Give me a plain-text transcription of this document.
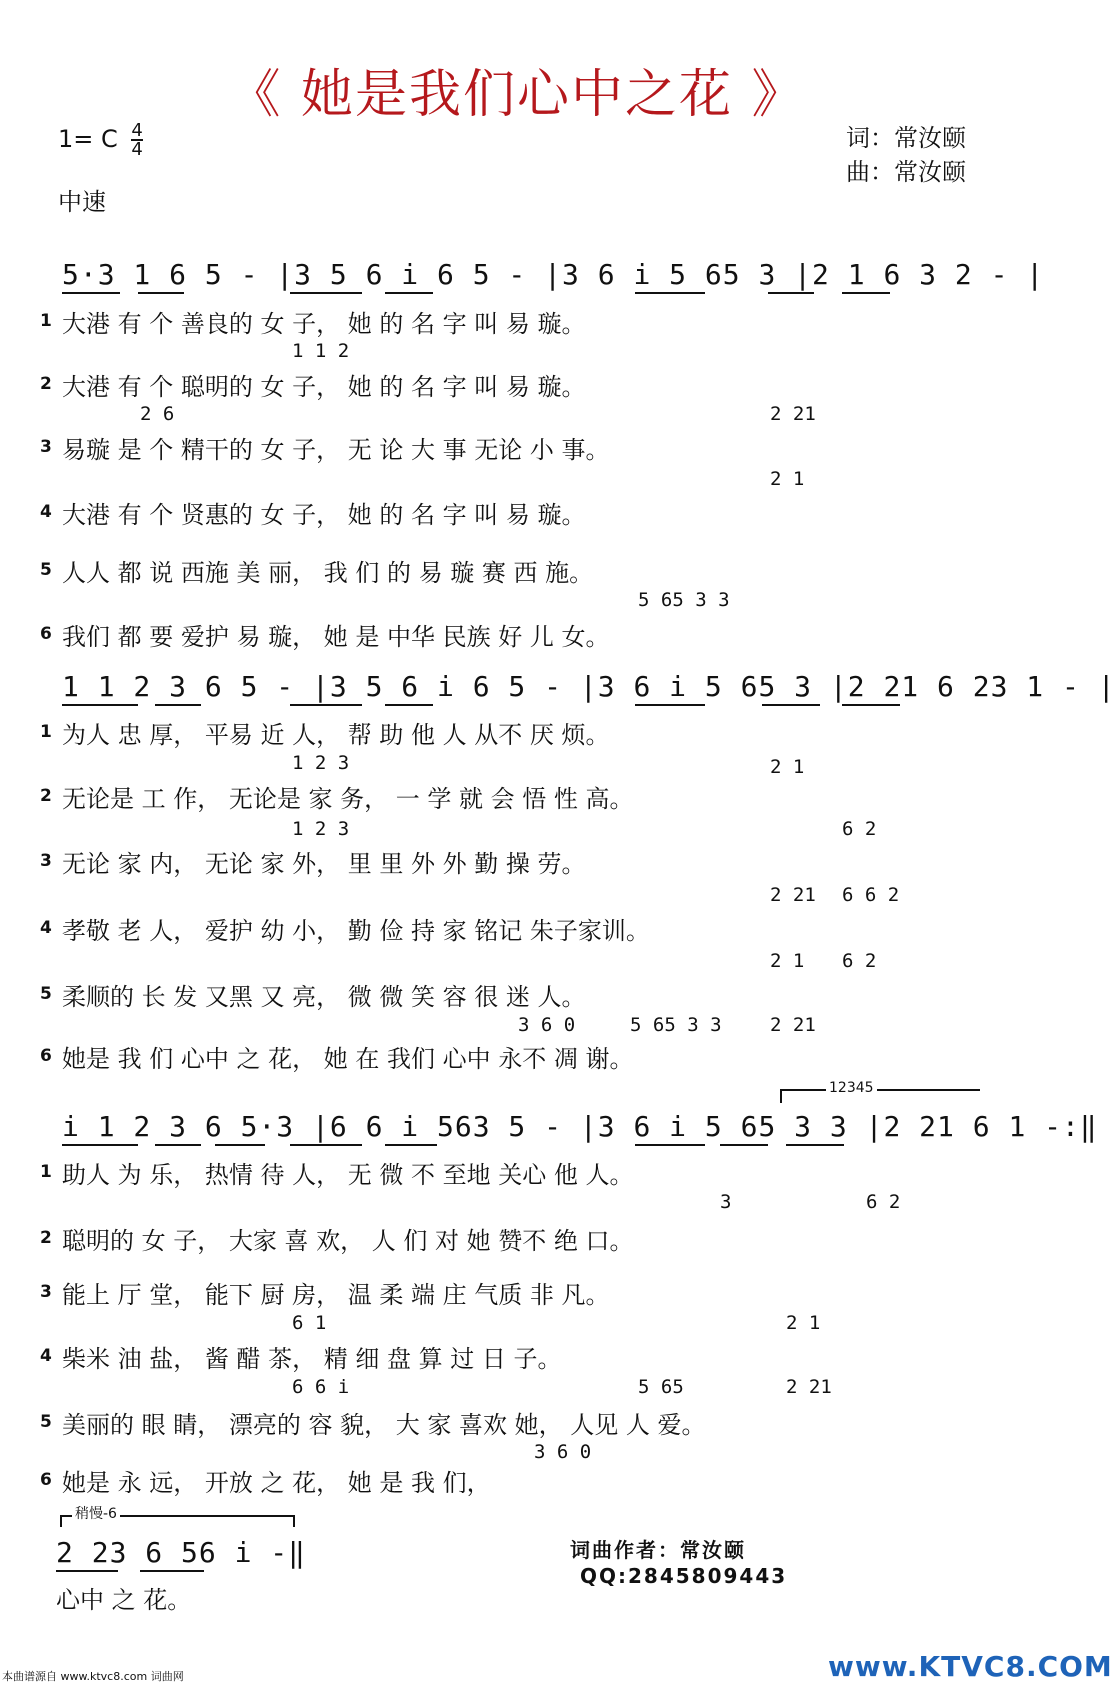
《 她是我们心中之花 》
1= C $\frac{4}{4}$
中速
词：常汝颐
曲：常汝颐
5·3 1 6 5 - |3 5 6 i 6 5 - |3 6 i 5 65 3 |2 1 6 3 2 - |
1 大港 有 个 善良的 女 子， 她 的 名 字 叫 易 璇。
1 1 2
2 大港 有 个 聪明的 女 子， 她 的 名 字 叫 易 璇。
2 6	2 21
3 易璇 是 个 精干的 女 子， 无 论 大 事 无论 小 事。
2 1
4 大港 有 个 贤惠的 女 子， 她 的 名 字 叫 易 璇。
5 人人 都 说 西施 美 丽， 我 们 的 易 璇 赛 西 施。
5 65 3 3
6 我们 都 要 爱护 易 璇， 她 是 中华 民族 好 儿 女。
1 1 2 3 6 5 - |3 5 6 i 6 5 - |3 6 i 5 65 3 |2 21 6 23 1 - |
1 为人 忠 厚， 平易 近 人， 帮 助 他 人 从不 厌 烦。
1 2 3	2 1
2 无论是 工 作， 无论是 家 务， 一 学 就 会 悟 性 高。
1 2 3	6 2
3 无论 家 内， 无论 家 外， 里 里 外 外 勤 操 劳。
2 21 6 6 2
4 孝敬 老 人， 爱护 幼 小， 勤 俭 持 家 铭记 朱子家训。
2 1 6 2
5 柔顺的 长 发 又黑 又 亮， 微 微 笑 容 很 迷 人。
3 6 0	5 65 3 3	2 21
6 她是 我 们 心中 之 花， 她 在 我们 心中 永不 凋 谢。
12345
i 1 2 3 6 5·3 |6 6 i 563 5 - |3 6 i 5 65 3 3 |2 21 6 1 -:‖
1 助人 为 乐， 热情 待 人， 无 微 不 至地 关心 他 人。
3	6 2
2 聪明的 女 子， 大家 喜 欢， 人 们 对 她 赞不 绝 口。
3 能上 厅 堂， 能下 厨 房， 温 柔 端 庄 气质 非 凡。
6 1	2 1
4 柴米 油 盐， 酱 醋 茶， 精 细 盘 算 过 日 子。
6 6 i	5 65	2 21
5 美丽的 眼 睛， 漂亮的 容 貌， 大 家 喜欢 她， 人见 人 爱。
3 6 0
6 她是 永 远， 开放 之 花， 她 是 我 们，
稍慢-6
2 23 6 56 i -‖
心中 之 花。
词曲作者：常汝颐
QQ:2845809443
本曲谱源自 www.ktvc8.com 词曲网	www.KTVC8.COM
